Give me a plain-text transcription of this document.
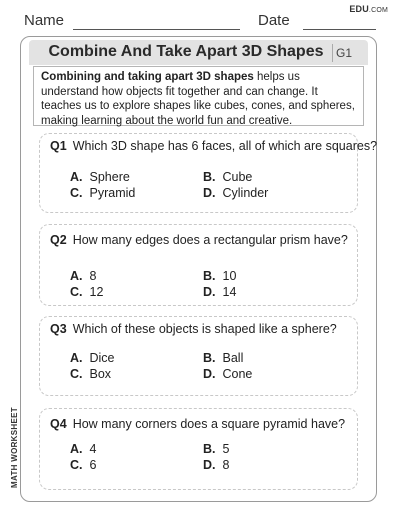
Name	Date
EDU.COM
Combine And Take Apart 3D Shapes	G1
Combining and taking apart 3D shapes helps us understand how objects fit together and can change. It teaches us to explore shapes like cubes, cones, and spheres, making learning about the world fun and creative.
Q1 Which 3D shape has 6 faces, all of which are squares?
A. Sphere	B. Cube
C. Pyramid	D. Cylinder
Q2 How many edges does a rectangular prism have?
A. 8	B. 10
C. 12	D. 14
Q3 Which of these objects is shaped like a sphere?
A. Dice	B. Ball
C. Box	D. Cone
Q4 How many corners does a square pyramid have?
A. 4	B. 5
C. 6	D. 8
MATH WORKSHEET
